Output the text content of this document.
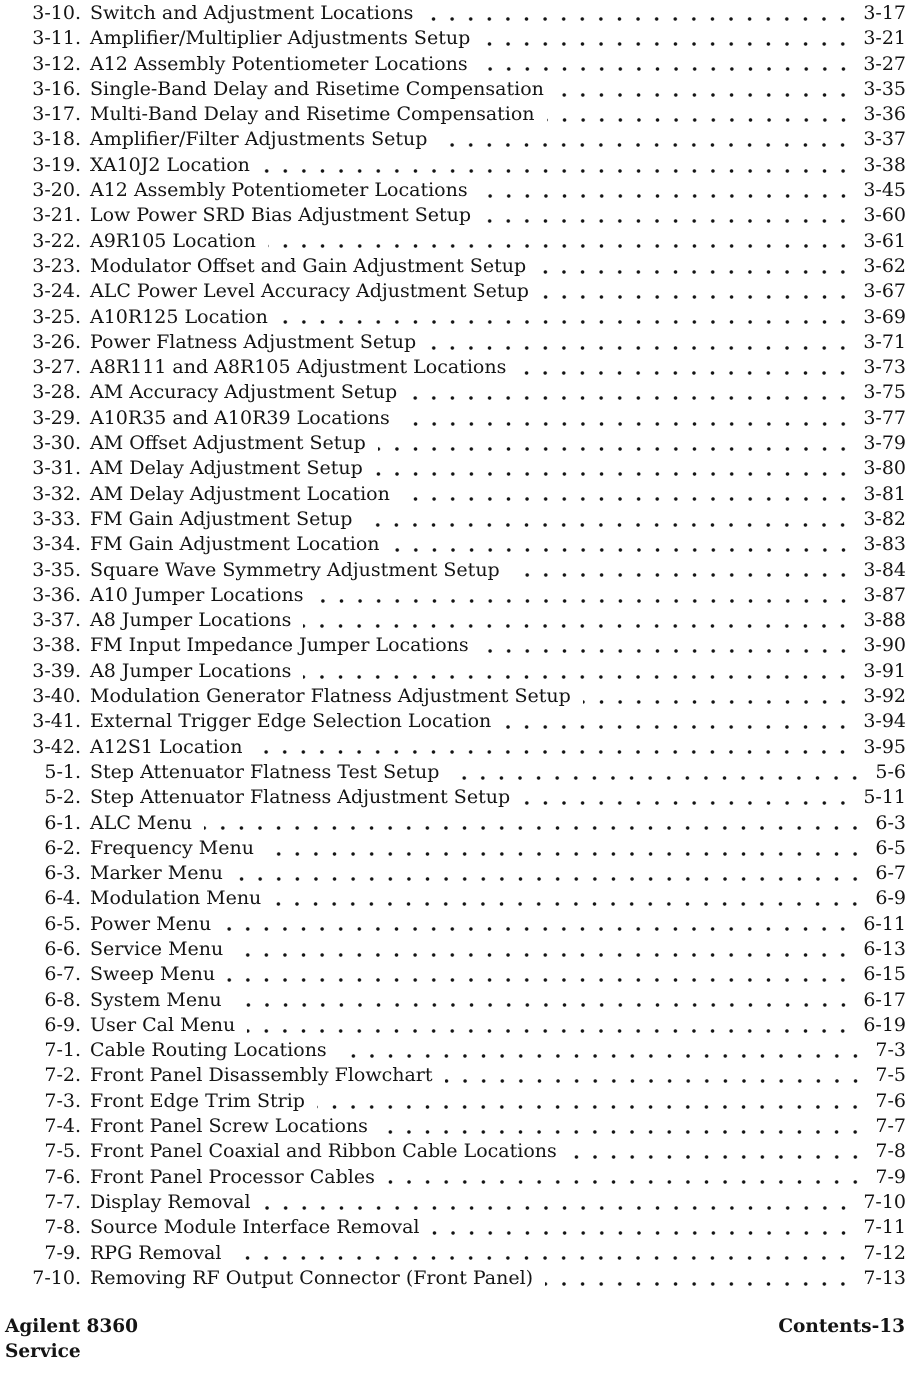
3-10. Switch and Adjustment Locations	3-17
3-11. Amplifier/Multiplier Adjustments Setup	3-21
3-12. A12 Assembly Potentiometer Locations	3-27
3-16. Single-Band Delay and Risetime Compensation	3-35
3-17. Multi-Band Delay and Risetime Compensation	3-36
3-18. Amplifier/Filter Adjustments Setup	3-37
3-19. XA10J2 Location	3-38
3-20. A12 Assembly Potentiometer Locations	3-45
3-21. Low Power SRD Bias Adjustment Setup	3-60
3-22. A9R105 Location	3-61
3-23. Modulator Offset and Gain Adjustment Setup	3-62
3-24. ALC Power Level Accuracy Adjustment Setup	3-67
3-25. A10R125 Location	3-69
3-26. Power Flatness Adjustment Setup	3-71
3-27. A8R111 and A8R105 Adjustment Locations	3-73
3-28. AM Accuracy Adjustment Setup	3-75
3-29. A10R35 and A10R39 Locations	3-77
3-30. AM Offset Adjustment Setup	3-79
3-31. AM Delay Adjustment Setup	3-80
3-32. AM Delay Adjustment Location	3-81
3-33. FM Gain Adjustment Setup	3-82
3-34. FM Gain Adjustment Location	3-83
3-35. Square Wave Symmetry Adjustment Setup	3-84
3-36. A10 Jumper Locations	3-87
3-37. A8 Jumper Locations	3-88
3-38. FM Input Impedance Jumper Locations	3-90
3-39. A8 Jumper Locations	3-91
3-40. Modulation Generator Flatness Adjustment Setup	3-92
3-41. External Trigger Edge Selection Location	3-94
3-42. A12S1 Location	3-95
5-1. Step Attenuator Flatness Test Setup	5-6
5-2. Step Attenuator Flatness Adjustment Setup	5-11
6-1. ALC Menu	6-3
6-2. Frequency Menu	6-5
6-3. Marker Menu	6-7
6-4. Modulation Menu	6-9
6-5. Power Menu	6-11
6-6. Service Menu	6-13
6-7. Sweep Menu	6-15
6-8. System Menu	6-17
6-9. User Cal Menu	6-19
7-1. Cable Routing Locations	7-3
7-2. Front Panel Disassembly Flowchart	7-5
7-3. Front Edge Trim Strip	7-6
7-4. Front Panel Screw Locations	7-7
7-5. Front Panel Coaxial and Ribbon Cable Locations	7-8
7-6. Front Panel Processor Cables	7-9
7-7. Display Removal	7-10
7-8. Source Module Interface Removal	7-11
7-9. RPG Removal	7-12
7-10. Removing RF Output Connector (Front Panel)	7-13
Agilent 8360	Contents-13
Service
